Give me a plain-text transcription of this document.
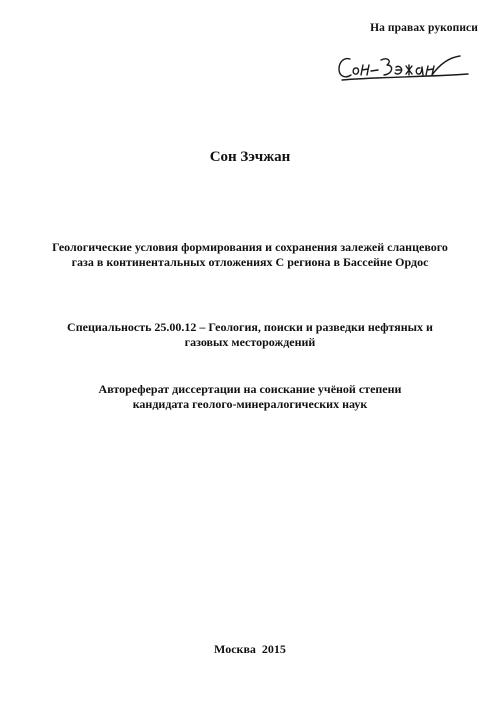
На правах рукописи
Сон Зэчжан
Геологические условия формирования и сохранения залежей сланцевого
газа в континентальных отложениях С региона в Бассейне Ордос
Специальность 25.00.12 – Геология, поиски и разведки нефтяных и
газовых месторождений
Автореферат диссертации на соискание учёной степени
кандидата геолого-минералогических наук
Москва 2015
